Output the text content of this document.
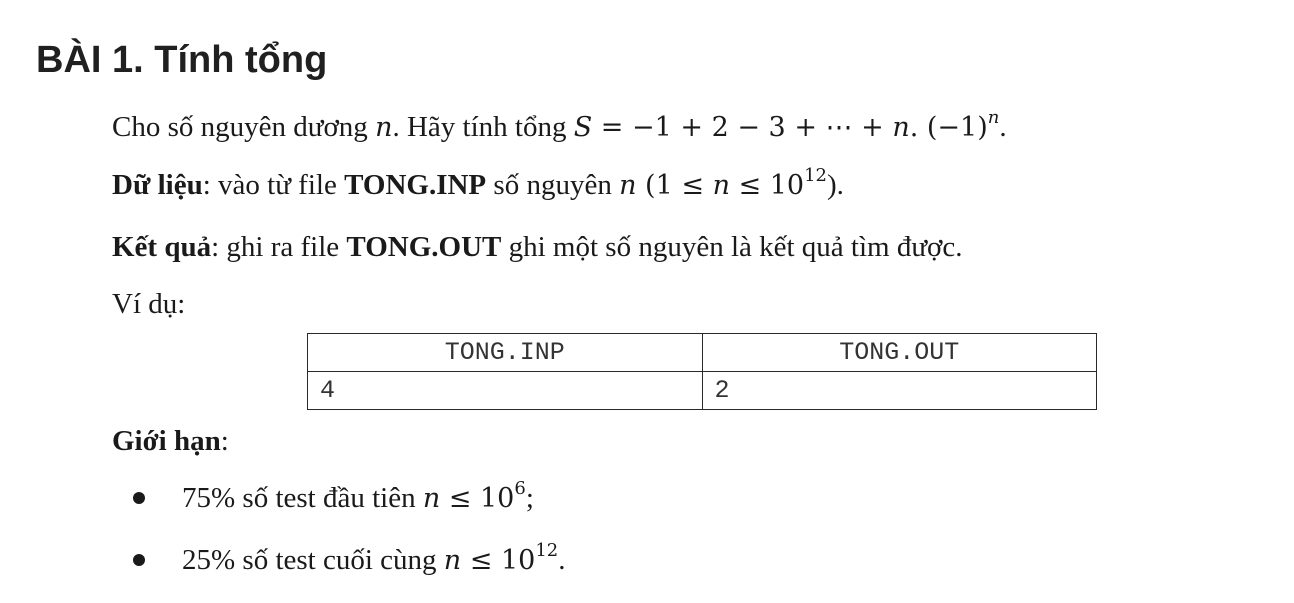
BÀI 1. Tính tổng
Cho số nguyên dương n. Hãy tính tổng S = −1 + 2 − 3 + ⋯ + n. $(-1)^n$.
Dữ liệu: vào từ file TONG.INP số nguyên n $(1 \le n \le 10^{12})$.
Kết quả: ghi ra file TONG.OUT ghi một số nguyên là kết quả tìm được.
Ví dụ:
TONG.INP	TONG.OUT
4	2
Giới hạn:
75% số test đầu tiên $n \le 10^6$;
25% số test cuối cùng $n \le 10^{12}$.
